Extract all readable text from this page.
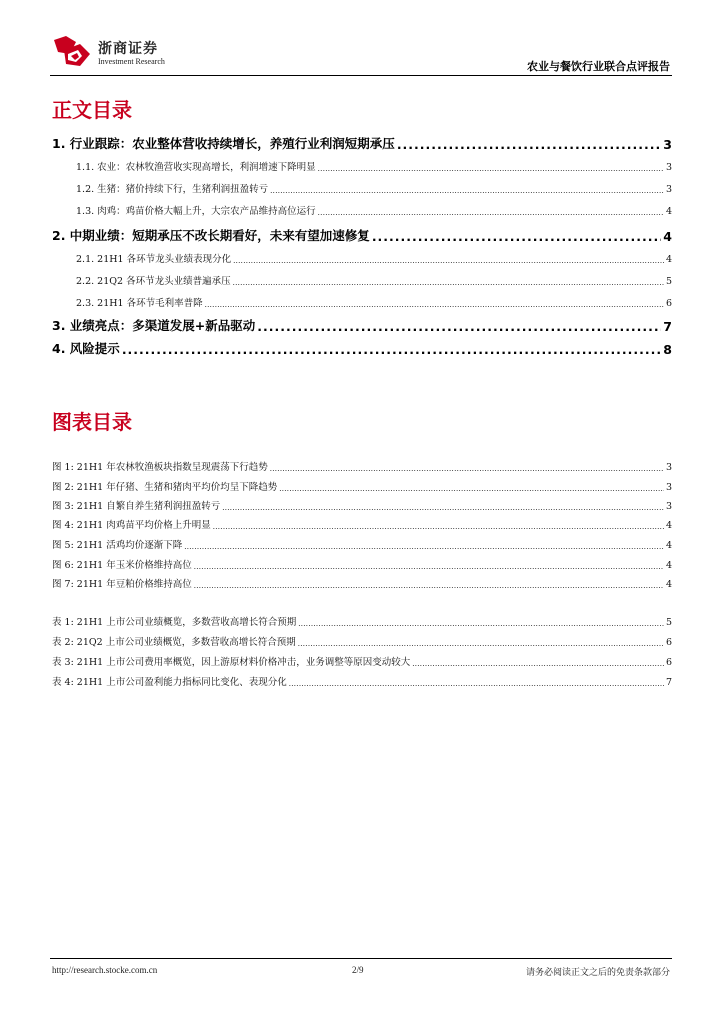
浙商证券
Investment Research	农业与餐饮行业联合点评报告
正文目录
1. 行业跟踪：农业整体营收持续增长，养殖行业利润短期承压 .....	3
1.1. 农业：农林牧渔营收实现高增长，利润增速下降明显 .....	3
1.2. 生猪：猪价持续下行，生猪利润扭盈转亏 .....	3
1.3. 肉鸡：鸡苗价格大幅上升，大宗农产品维持高位运行 .....	4
2. 中期业绩：短期承压不改长期看好，未来有望加速修复 .....	4
2.1. 21H1 各环节龙头业绩表现分化 .....	4
2.2. 21Q2 各环节龙头业绩普遍承压 .....	5
2.3. 21H1 各环节毛利率普降 .....	6
3. 业绩亮点：多渠道发展+新品驱动 .....	7
4. 风险提示 .....	8
图表目录
图 1: 21H1 年农林牧渔板块指数呈现震荡下行趋势 .....	3
图 2: 21H1 年仔猪、生猪和猪肉平均价均呈下降趋势 .....	3
图 3: 21H1 自繁自养生猪利润扭盈转亏 .....	3
图 4: 21H1 肉鸡苗平均价格上升明显 .....	4
图 5: 21H1 活鸡均价逐渐下降 .....	4
图 6: 21H1 年玉米价格维持高位 .....	4
图 7: 21H1 年豆粕价格维持高位 .....	4
表 1: 21H1 上市公司业绩概览，多数营收高增长符合预期 .....	5
表 2: 21Q2 上市公司业绩概览，多数营收高增长符合预期 .....	6
表 3: 21H1 上市公司费用率概览，因上游原材料价格冲击，业务调整等原因变动较大 .....	6
表 4: 21H1 上市公司盈利能力指标同比变化、表现分化 .....	7
http://research.stocke.com.cn	2/9	请务必阅读正文之后的免责条款部分
